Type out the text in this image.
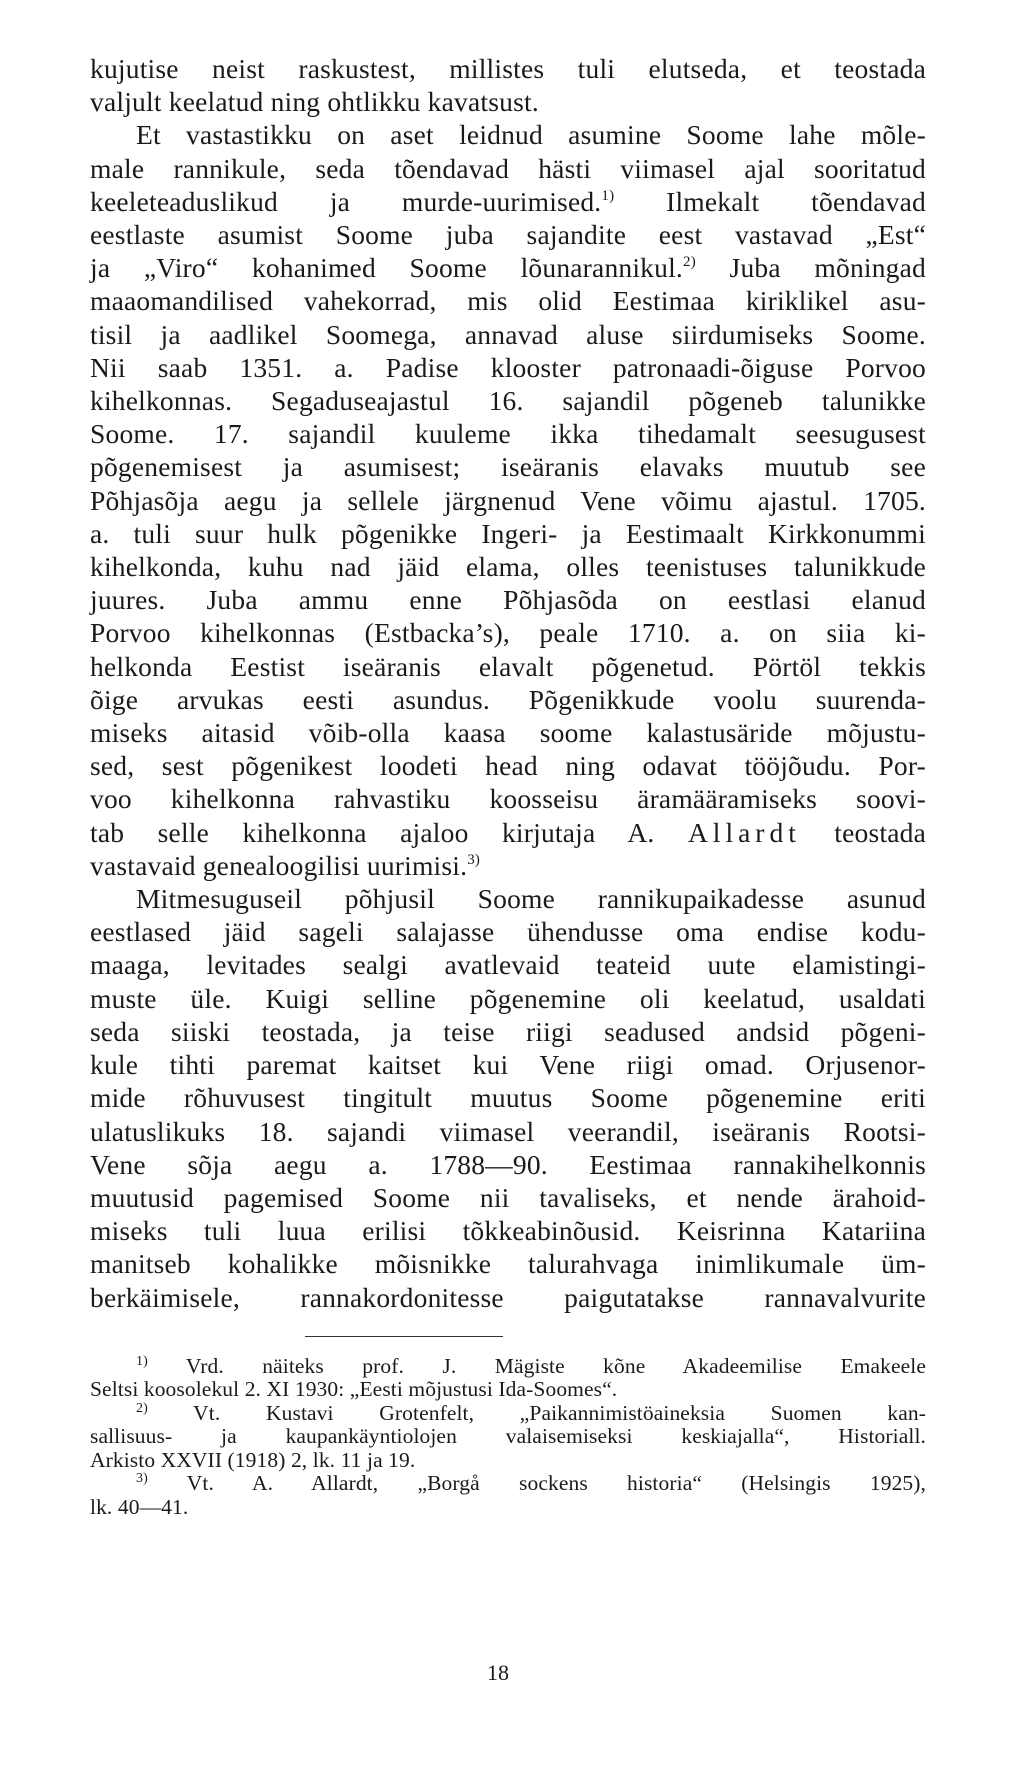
kujutise neist raskustest, millistes tuli elutseda, et teostada
valjult keelatud ning ohtlikku kavatsust.
Et vastastikku on aset leidnud asumine Soome lahe mõle-
male rannikule, seda tõendavad hästi viimasel ajal sooritatud
keeleteaduslikud ja murde-uurimised.$^{1)}$ Ilmekalt tõendavad
eestlaste asumist Soome juba sajandite eest vastavad „Est“
ja „Viro“ kohanimed Soome lõunarannikul.$^{2)}$ Juba mõningad
maaomandilised vahekorrad, mis olid Eestimaa kiriklikel asu-
tisil ja aadlikel Soomega, annavad aluse siirdumiseks Soome.
Nii saab 1351. a. Padise klooster patronaadi-õiguse Porvoo
kihelkonnas. Segaduseajastul 16. sajandil põgeneb talunikke
Soome. 17. sajandil kuuleme ikka tihedamalt seesugusest
põgenemisest ja asumisest; iseäranis elavaks muutub see
Põhjasõja aegu ja sellele järgnenud Vene võimu ajastul. 1705.
a. tuli suur hulk põgenikke Ingeri- ja Eestimaalt Kirkkonummi
kihelkonda, kuhu nad jäid elama, olles teenistuses talunikkude
juures. Juba ammu enne Põhjasõda on eestlasi elanud
Porvoo kihelkonnas (Estbacka’s), peale 1710. a. on siia ki-
helkonda Eestist iseäranis elavalt põgenetud. Pörtöl tekkis
õige arvukas eesti asundus. Põgenikkude voolu suurenda-
miseks aitasid võib-olla kaasa soome kalastusäride mõjustu-
sed, sest põgenikest loodeti head ning odavat tööjõudu. Por-
voo kihelkonna rahvastiku koosseisu äramääramiseks soovi-
tab selle kihelkonna ajaloo kirjutaja A. Allardt teostada
vastavaid genealoogilisi uurimisi.$^{3)}$
Mitmesuguseil põhjusil Soome rannikupaikadesse asunud
eestlased jäid sageli salajasse ühendusse oma endise kodu-
maaga, levitades sealgi avatlevaid teateid uute elamistingi-
muste üle. Kuigi selline põgenemine oli keelatud, usaldati
seda siiski teostada, ja teise riigi seadused andsid põgeni-
kule tihti paremat kaitset kui Vene riigi omad. Orjusenor-
mide rõhuvusest tingitult muutus Soome põgenemine eriti
ulatuslikuks 18. sajandi viimasel veerandil, iseäranis Rootsi-
Vene sõja aegu a. 1788—90. Eestimaa rannakihelkonnis
muutusid pagemised Soome nii tavaliseks, et nende ärahoid-
miseks tuli luua erilisi tõkkeabinõusid. Keisrinna Katariina
manitseb kohalikke mõisnikke talurahvaga inimlikumale üm-
berkäimisele, rannakordonitesse paigutatakse rannavalvurite
$^{1)}$ Vrd. näiteks prof. J. Mägiste kõne Akadeemilise Emakeele
Seltsi koosolekul 2. XI 1930: „Eesti mõjustusi Ida-Soomes“.
$^{2)}$ Vt. Kustavi Grotenfelt, „Paikannimistöaineksia Suomen kan-
sallisuus- ja kaupankäyntiolojen valaisemiseksi keskiajalla“, Historiall.
Arkisto XXVII (1918) 2, lk. 11 ja 19.
$^{3)}$ Vt. A. Allardt, „Borgå sockens historia“ (Helsingis 1925),
lk. 40—41.
18
